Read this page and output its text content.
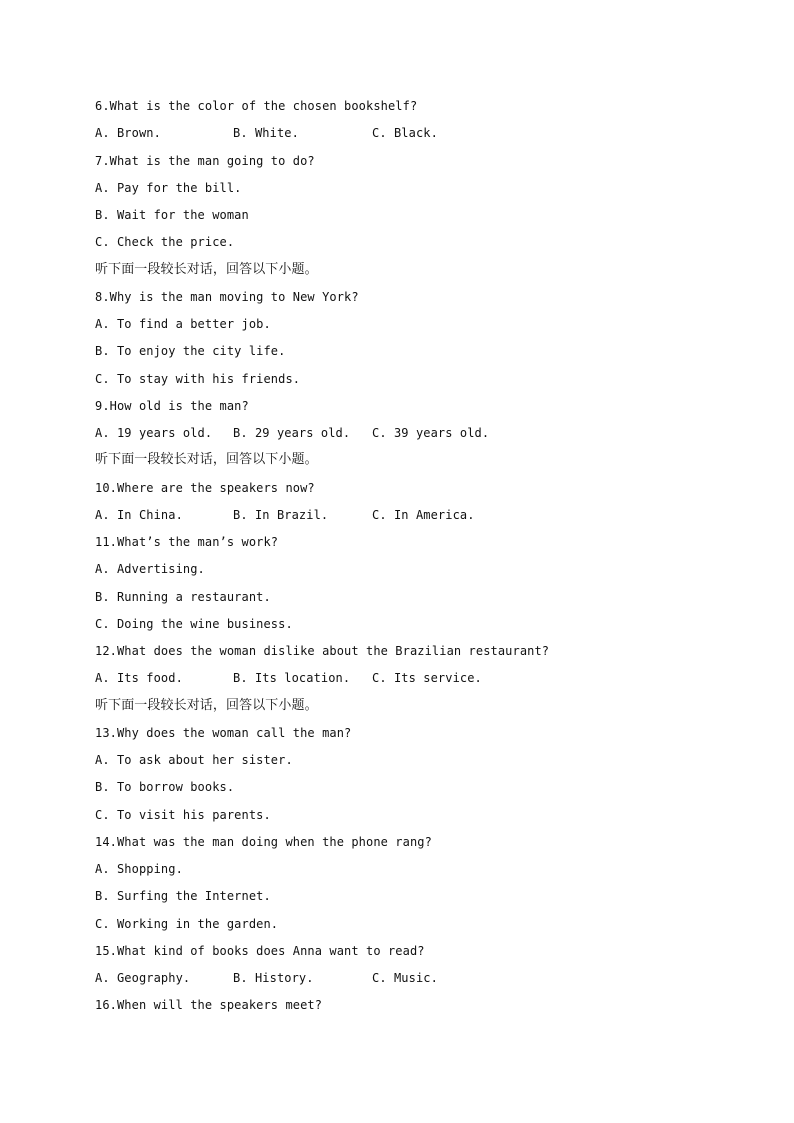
6.What is the color of the chosen bookshelf?
A. Brown.	B. White.	C. Black.
7.What is the man going to do?
A. Pay for the bill.
B. Wait for the woman
C. Check the price.
听下面一段较长对话，回答以下小题。
8.Why is the man moving to New York?
A. To find a better job.
B. To enjoy the city life.
C. To stay with his friends.
9.How old is the man?
A. 19 years old. B. 29 years old. C. 39 years old.
听下面一段较长对话，回答以下小题。
10.Where are the speakers now?
A. In China.	B. In Brazil.	C. In America.
11.What’s the man’s work?
A. Advertising.
B. Running a restaurant.
C. Doing the wine business.
12.What does the woman dislike about the Brazilian restaurant?
A. Its food.	B. Its location. C. Its service.
听下面一段较长对话，回答以下小题。
13.Why does the woman call the man?
A. To ask about her sister.
B. To borrow books.
C. To visit his parents.
14.What was the man doing when the phone rang?
A. Shopping.
B. Surfing the Internet.
C. Working in the garden.
15.What kind of books does Anna want to read?
A. Geography.	B. History.	C. Music.
16.When will the speakers meet?
